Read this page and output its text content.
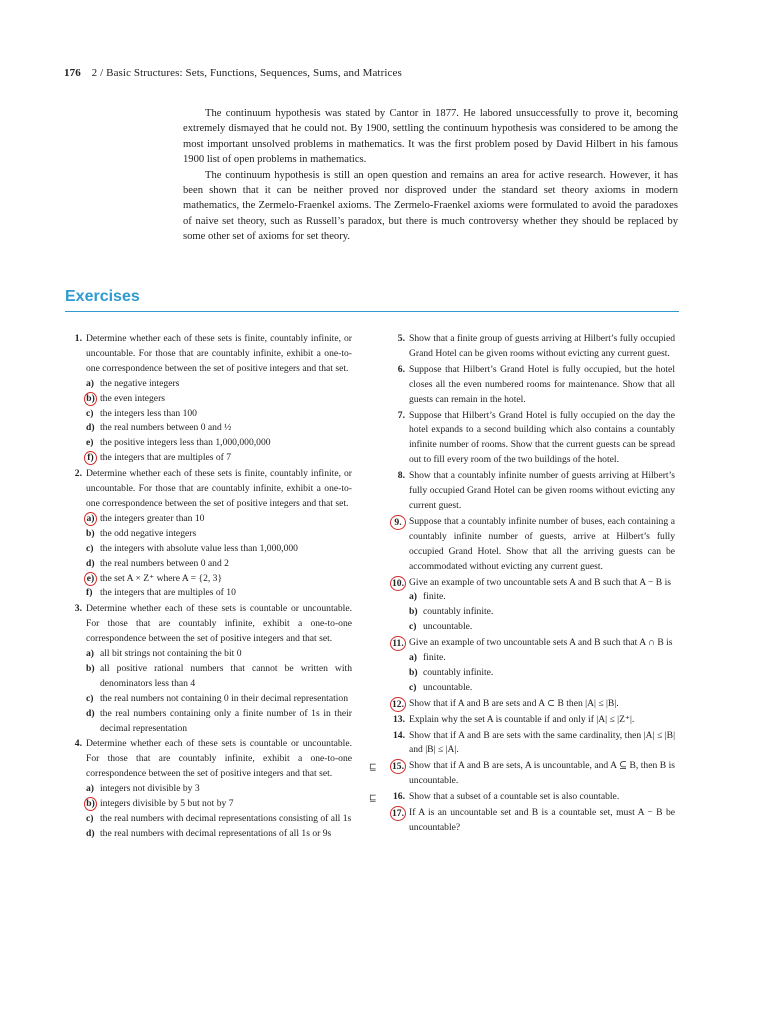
176 2 / Basic Structures: Sets, Functions, Sequences, Sums, and Matrices

The continuum hypothesis was stated by Cantor in 1877. He labored unsuccessfully to prove it, becoming extremely dismayed that he could not. By 1900, settling the continuum hypothesis was considered to be among the most important unsolved problems in mathematics. It was the first problem posed by David Hilbert in his famous 1900 list of open problems in mathematics.

The continuum hypothesis is still an open question and remains an area for active research. However, it has been shown that it can be neither proved nor disproved under the standard set theory axioms in modern mathematics, the Zermelo-Fraenkel axioms. The Zermelo-Fraenkel axioms were formulated to avoid the paradoxes of naive set theory, such as Russell’s paradox, but there is much controversy whether they should be replaced by some other set of axioms for set theory.

Exercises
1. Determine whether each of these sets is finite, countably infinite, or uncountable. For those that are countably infinite, exhibit a one-to-one correspondence between the set of positive integers and that set.
a) the negative integers
b) the even integers
c) the integers less than 100
d) the real numbers between 0 and ½
e) the positive integers less than 1,000,000,000
f) the integers that are multiples of 7
2. Determine whether each of these sets is finite, countably infinite, or uncountable. For those that are countably infinite, exhibit a one-to-one correspondence between the set of positive integers and that set.
a) the integers greater than 10
b) the odd negative integers
c) the integers with absolute value less than 1,000,000
d) the real numbers between 0 and 2
e) the set A × Z⁺ where A = {2, 3}
f) the integers that are multiples of 10
3. Determine whether each of these sets is countable or uncountable. For those that are countably infinite, exhibit a one-to-one correspondence between the set of positive integers and that set.
a) all bit strings not containing the bit 0
b) all positive rational numbers that cannot be written with denominators less than 4
c) the real numbers not containing 0 in their decimal representation
d) the real numbers containing only a finite number of 1s in their decimal representation
4. Determine whether each of these sets is countable or uncountable. For those that are countably infinite, exhibit a one-to-one correspondence between the set of positive integers and that set.
a) integers not divisible by 3
b) integers divisible by 5 but not by 7
c) the real numbers with decimal representations consisting of all 1s
d) the real numbers with decimal representations of all 1s or 9s
5. Show that a finite group of guests arriving at Hilbert’s fully occupied Grand Hotel can be given rooms without evicting any current guest.
6. Suppose that Hilbert’s Grand Hotel is fully occupied, but the hotel closes all the even numbered rooms for maintenance. Show that all guests can remain in the hotel.
7. Suppose that Hilbert’s Grand Hotel is fully occupied on the day the hotel expands to a second building which also contains a countably infinite number of rooms. Show that the current guests can be spread out to fill every room of the two buildings of the hotel.
8. Show that a countably infinite number of guests arriving at Hilbert’s fully occupied Grand Hotel can be given rooms without evicting any current guest.
9. Suppose that a countably infinite number of buses, each containing a countably infinite number of guests, arrive at Hilbert’s fully occupied Grand Hotel. Show that all the arriving guests can be accommodated without evicting any current guest.
10. Give an example of two uncountable sets A and B such that A − B is
a) finite.
b) countably infinite.
c) uncountable.
11. Give an example of two uncountable sets A and B such that A ∩ B is
a) finite.
b) countably infinite.
c) uncountable.
12. Show that if A and B are sets and A ⊂ B then |A| ≤ |B|.
13. Explain why the set A is countable if and only if |A| ≤ |Z⁺|.
14. Show that if A and B are sets with the same cardinality, then |A| ≤ |B| and |B| ≤ |A|.
⊑ 15. Show that if A and B are sets, A is uncountable, and A ⊆ B, then B is uncountable.
⊑	16. Show that a subset of a countable set is also countable.
17. If A is an uncountable set and B is a countable set, must A − B be uncountable?
